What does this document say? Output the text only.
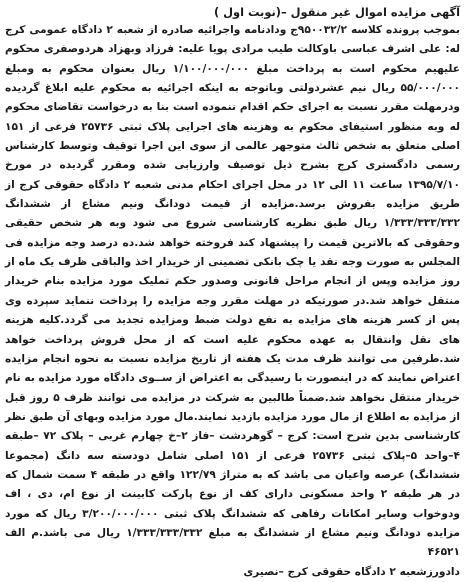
آگهی مزایده اموال غیر منقول –(نوبت اول )

بموجب پرونده کلاسه ۹۵۰۰۳۲/۲ج ودادنامه واجرائیه صادره از شعبه ۲ دادگاه عمومی کرج له: علی اشرف عباسی باوکالت طیب مرادی پویا علیه: فرزاد وبهزاد هردوصفری محکوم علیهیم محکوم است به پرداخت مبلغ ۱/۱۰۰/۰۰۰/۰۰۰ ریال بعنوان محکوم به ومبلغ ۵۵/۰۰۰/۰۰۰ ریال نیم عشردولتی وباتوجه به اینکه اجرائیه به محکوم علیه ابلاغ گردیده ودرمهلت مقرر نسبت به اجرای حکم اقدام ننموده است بنا به درخواست تقاضای محکوم له وبه منظور استیفای محکوم به وهزینه های اجرایی پلاک ثبتی ۲۵۷۳۶ فرعی از ۱۵۱ اصلی متعلق به شخص ثالث متوجهر عالمی از سوی این اجرا توقیف وتوسط کارشناس رسمی دادگستری کرج بشرح ذیل توصیف وارزیابی شده ومقرر گردیده در مورخ ۱۳۹۵/۷/۱۰ ساعت ۱۱ الی ۱۲ در محل اجرای احکام مدنی شعبه ۲ دادگاه حقوقی کرج از طریق مزایده بفروش برسد.مزایده از قیمت دودانگ ونیم مشاع از ششدانگ ۱/۳۳۳/۳۳۳/۳۳۲ ریال طبق نظریه کارشناسی شروع می شود وبه هر شخص حقیقی وحقوقی که بالاترین قیمت را پیشنهاد کند فروخته خواهد شد.ده درصد وجه مزایده فی المجلس به صورت وجه نقد یا چک بانکی تضمینی از خریدار اخذ والباقی ظرف یک ماه از روز مزایده وپس از انجام مراحل قانونی وصدور حکم تملیک مورد مزایده بنام خریدار منتقل خواهد شد.در صورتیکه در مهلت مقرر وجه مزایده را پرداخت ننماید سپرده وی پس از کسر هزینه های مزایده به نفع دولت ضبط ومزایده تجدید می گردد.کلیه هزینه های نقل وانتقال به عهده محکوم علیه است که از محل فروش پرداخت خواهد شد.طرفین می توانند ظرف مدت یک هفته از تاریخ مزایده نسبت به نحوه انجام مزایده اعتراض نمایند که در اینصورت با رسیدگی به اعتراض از ســوی دادگاه مورد مزایده به نام خریدار منتقل نخواهد شد.ضمناً طالبین به شرکت در مزایده می توانند ظرف ۵ روز قبل از مزایده به اطلاع از مال مورد مزایده بازدید نمایند.مال مورد مزایده وبهای آن طبق نظر کارشناسی بدین شرح است: کرج – گوهردشت –فاز ۲–خ چهارم غربی – پلاک ۷۲ –طبقه ۴–واحد ۵–پلاک ثبتی ۲۵۷۳۶ فرعی از ۱۵۱ اصلی شامل دودسته سه دانگ (مجموعا ششدانگ) عرصه واعیان می باشد که به متراژ ۱۲۲/۷۹ واقع در طبقه ۴ سمت شمال که در هر طبقه ۲ واحد مسکونی دارای کف از نوع پارکت کابینت از نوع ام، دی ، اف ودوخواب وسایر امکانات رفاهی که ششدانگ پلاک ثبتی ۳/۲۰۰/۰۰۰/۰۰۰ ریال که مورد مزایده دودانگ ونیم مشاع از ششدانگ به مبلغ ۱/۳۳۳/۳۳۳/۳۳۲ ریال می باشد.م الف ۴۶۵۲۱

دادورزشعبه ۲ دادگاه حقوقی کرج –نصیری
